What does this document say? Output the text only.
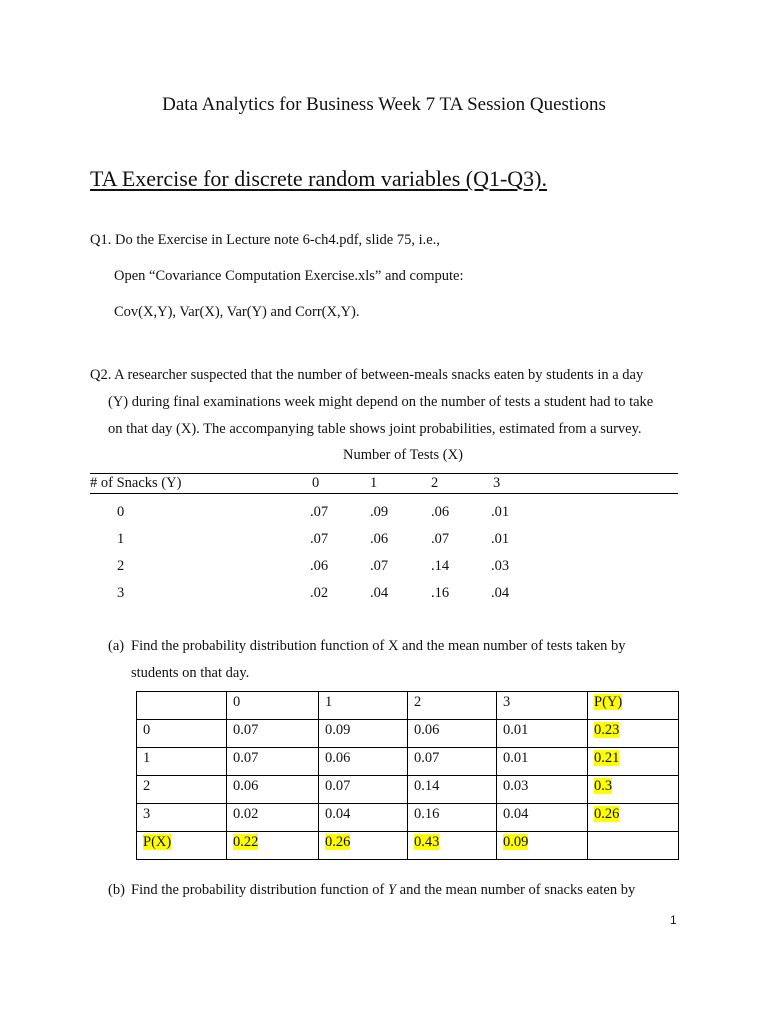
Data Analytics for Business Week 7 TA Session Questions
TA Exercise for discrete random variables (Q1-Q3).
Q1. Do the Exercise in Lecture note 6-ch4.pdf, slide 75, i.e.,
Open “Covariance Computation Exercise.xls” and compute:
Cov(X,Y), Var(X), Var(Y) and Corr(X,Y).
Q2. A researcher suspected that the number of between-meals snacks eaten by students in a day
(Y) during final examinations week might depend on the number of tests a student had to take
on that day (X). The accompanying table shows joint probabilities, estimated from a survey.
Number of Tests (X)
# of Snacks (Y)	0	1	2	3
0	.07	.09	.06	.01
1	.07	.06	.07	.01
2	.06	.07	.14	.03
3	.02	.04	.16	.04
(a) Find the probability distribution function of X and the mean number of tests taken by
students on that day.
	0	1	2	3	P(Y)
0	0.07	0.09	0.06	0.01	0.23
1	0.07	0.06	0.07	0.01	0.21
2	0.06	0.07	0.14	0.03	0.3
3	0.02	0.04	0.16	0.04	0.26
P(X)	0.22	0.26	0.43	0.09	
(b) Find the probability distribution function of Y and the mean number of snacks eaten by
1
